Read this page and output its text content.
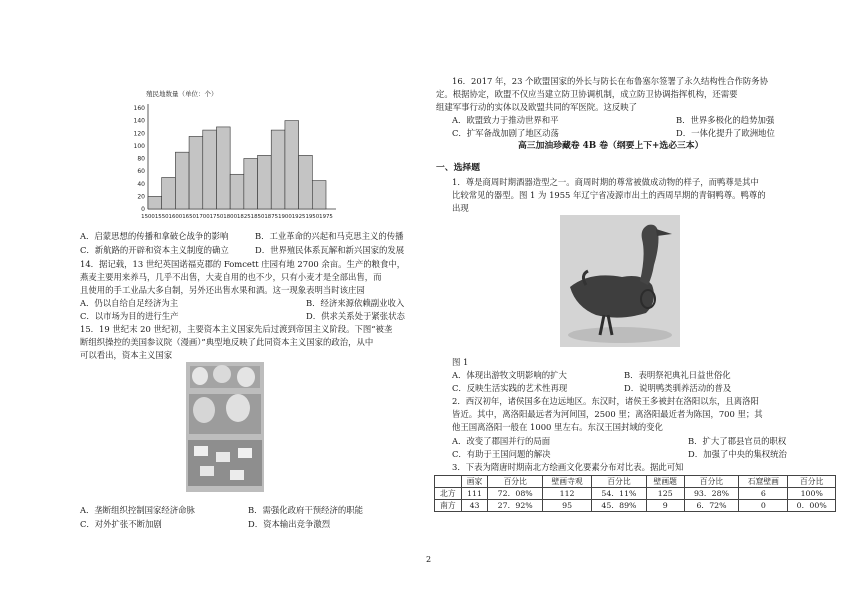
殖民地数量（单位：个）
1500 1550 1600 1650 1700 1750 1800 1825 1850 1875 1900 1925 1950 1975
0
20
40
60
80
100
120
140
160
A．启蒙思想的传播和拿破仑战争的影响	B．工业革命的兴起和马克思主义的传播
C．新航路的开辟和资本主义制度的确立	D．世界殖民体系瓦解和新兴国家的发展
14．据记载，13 世纪英国诺福克郡的 Fomcett 庄园有地 2700 余亩。生产的粮食中，
燕麦主要用来养马，几乎不出售，大麦自用的也不少，只有小麦才是全部出售，而
且使用的手工业品大多自制，另外还出售水果和酒。这一现象表明当时该庄园
A．仍以自给自足经济为主	B．经济来源依赖副业收入
C．以市场为目的进行生产	D．供求关系处于紧张状态
15．19 世纪末 20 世纪初，主要资本主义国家先后过渡到帝国主义阶段。下图“被垄
断组织操控的美国参议院（漫画）”典型地反映了此同资本主义国家的政治，从中
可以看出，资本主义国家
A．垄断组织控制国家经济命脉	B．需强化政府干预经济的职能
C．对外扩张不断加剧	D．资本输出竞争激烈
16．2017 年，23 个欧盟国家的外长与防长在布鲁塞尔签署了永久结构性合作防务协
定。根据协定，欧盟不仅应当建立防卫协调机制，成立防卫协调指挥机构，还需要
组建军事行动的实体以及欧盟共同的军医院。这反映了
A．欧盟致力于推动世界和平	B．世界多极化的趋势加强
C．扩军备战加剧了地区动荡	D．一体化提升了欧洲地位
高三加油珍藏卷 4B 卷（纲要上下+选必三本）
一、选择题
1．尊是商周时期酒器造型之一。商周时期的尊常被做成动物的样子，而鸭尊是其中
比较常见的器型。图 1 为 1955 年辽宁省凌源市出土的西周早期的青铜鸭尊。鸭尊的
出现
图 1
A．体现出游牧文明影响的扩大	B．表明祭祀典礼日益世俗化
C．反映生活实践的艺术性再现	D．说明鸭类驯养活动的普及
2．西汉初年，诸侯国多在边远地区。东汉时，诸侯王多被封在洛阳以东，且离洛阳
皆近。其中，离洛阳最远者为河间国，2500 里；离洛阳最近者为陈国，700 里；其
他王国离洛阳一般在 1000 里左右。东汉王国封域的变化
A．改变了郡国并行的局面	B．扩大了郡县官员的职权
C．有助于王国问题的解决	D．加强了中央的集权统治
3．下表为隋唐时期南北方绘画文化要素分布对比表。据此可知
	画家	百分比	壁画寺观	百分比	壁画题	百分比	石窟壁画	百分比
北方	111	72．08%	112	54．11%	125	93．28%	6	100%
南方	43	27．92%	95	45．89%	9	6．72%	0	0．00%
2
